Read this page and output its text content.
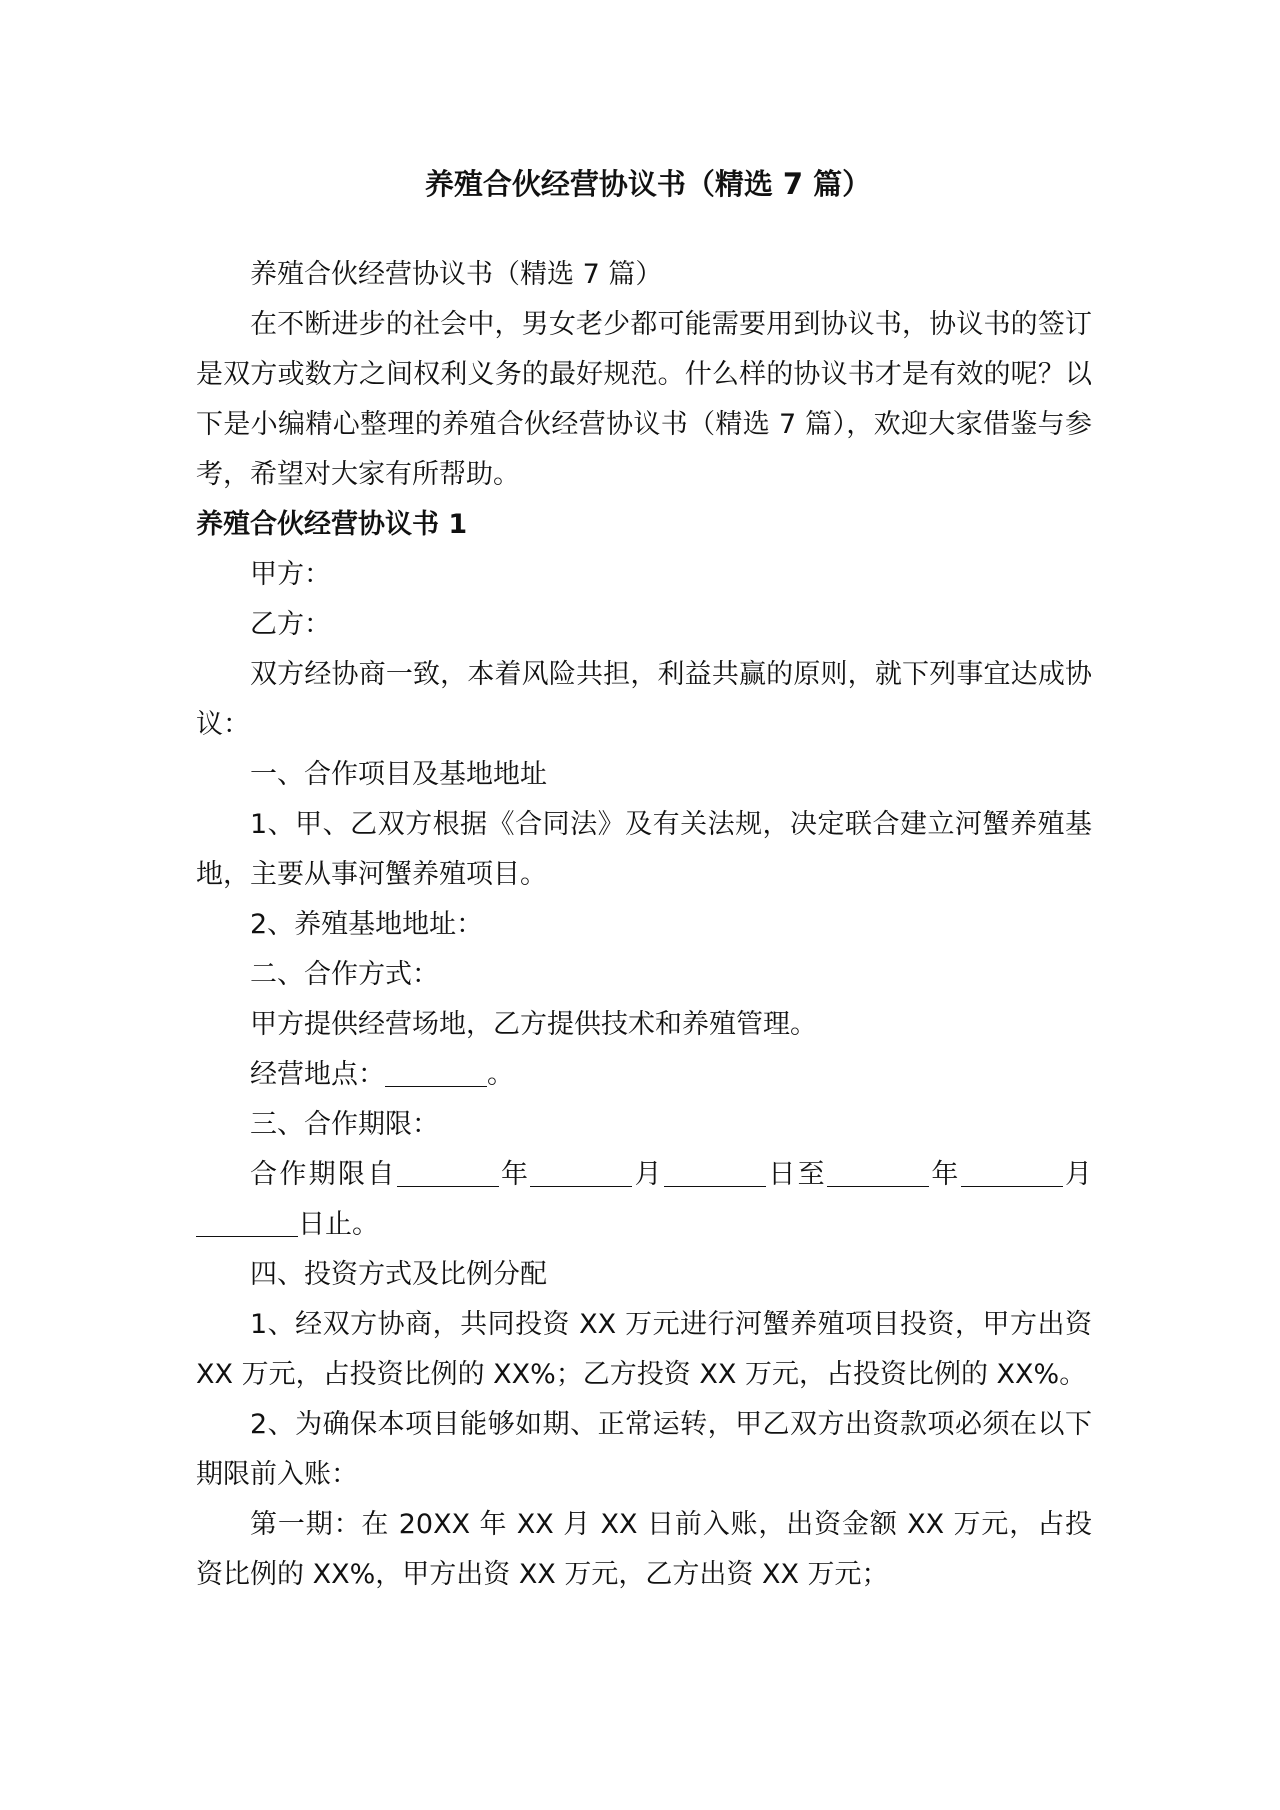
养殖合伙经营协议书（精选 7 篇）

养殖合伙经营协议书（精选 7 篇）

在不断进步的社会中，男女老少都可能需要用到协议书，协议书的签订是双方或数方之间权利义务的最好规范。什么样的协议书才是有效的呢？以下是小编精心整理的养殖合伙经营协议书（精选 7 篇），欢迎大家借鉴与参考，希望对大家有所帮助。

养殖合伙经营协议书 1

甲方：

乙方：

双方经协商一致，本着风险共担，利益共赢的原则，就下列事宜达成协议：

一、合作项目及基地地址

1、甲、乙双方根据《合同法》及有关法规，决定联合建立河蟹养殖基地，主要从事河蟹养殖项目。

2、养殖基地地址：

二、合作方式：

甲方提供经营场地，乙方提供技术和养殖管理。

经营地点：	。

三、合作期限：

合作期限自	年	月	日至	年	月日止。

四、投资方式及比例分配

1、经双方协商，共同投资 XX 万元进行河蟹养殖项目投资，甲方出资 XX 万元，占投资比例的 XX%；乙方投资 XX 万元，占投资比例的 XX%。

2、为确保本项目能够如期、正常运转，甲乙双方出资款项必须在以下期限前入账：

第一期：在 20XX 年 XX 月 XX 日前入账，出资金额 XX 万元，占投资比例的 XX%，甲方出资 XX 万元，乙方出资 XX 万元；
